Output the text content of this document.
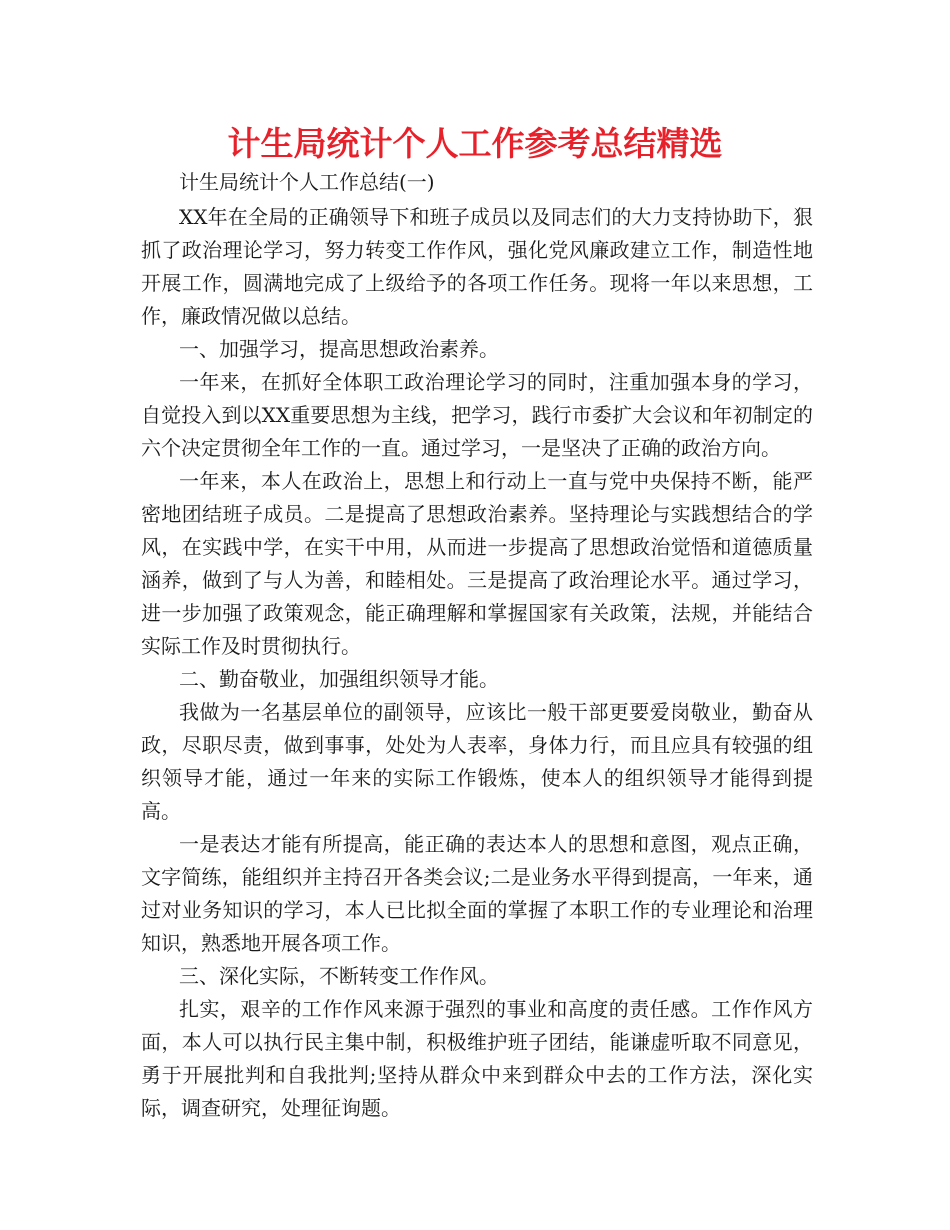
计生局统计个人工作参考总结精选

计生局统计个人工作总结(一)

XX年在全局的正确领导下和班子成员以及同志们的大力支持协助下，狠抓了政治理论学习，努力转变工作作风，强化党风廉政建立工作，制造性地开展工作，圆满地完成了上级给予的各项工作任务。现将一年以来思想，工作，廉政情况做以总结。

一、加强学习，提高思想政治素养。

一年来，在抓好全体职工政治理论学习的同时，注重加强本身的学习，自觉投入到以XX重要思想为主线，把学习，践行市委扩大会议和年初制定的六个决定贯彻全年工作的一直。通过学习，一是坚决了正确的政治方向。

一年来，本人在政治上，思想上和行动上一直与党中央保持不断，能严密地团结班子成员。二是提高了思想政治素养。坚持理论与实践想结合的学风，在实践中学，在实干中用，从而进一步提高了思想政治觉悟和道德质量涵养，做到了与人为善，和睦相处。三是提高了政治理论水平。通过学习，进一步加强了政策观念，能正确理解和掌握国家有关政策，法规，并能结合实际工作及时贯彻执行。

二、勤奋敬业，加强组织领导才能。

我做为一名基层单位的副领导，应该比一般干部更要爱岗敬业，勤奋从政，尽职尽责，做到事事，处处为人表率，身体力行，而且应具有较强的组织领导才能，通过一年来的实际工作锻炼，使本人的组织领导才能得到提高。

一是表达才能有所提高，能正确的表达本人的思想和意图，观点正确，文字简练，能组织并主持召开各类会议;二是业务水平得到提高，一年来，通过对业务知识的学习，本人已比拟全面的掌握了本职工作的专业理论和治理知识，熟悉地开展各项工作。

三、深化实际，不断转变工作作风。

扎实，艰辛的工作作风来源于强烈的事业和高度的责任感。工作作风方面，本人可以执行民主集中制，积极维护班子团结，能谦虚听取不同意见，勇于开展批判和自我批判;坚持从群众中来到群众中去的工作方法，深化实际，调查研究，处理征询题。
